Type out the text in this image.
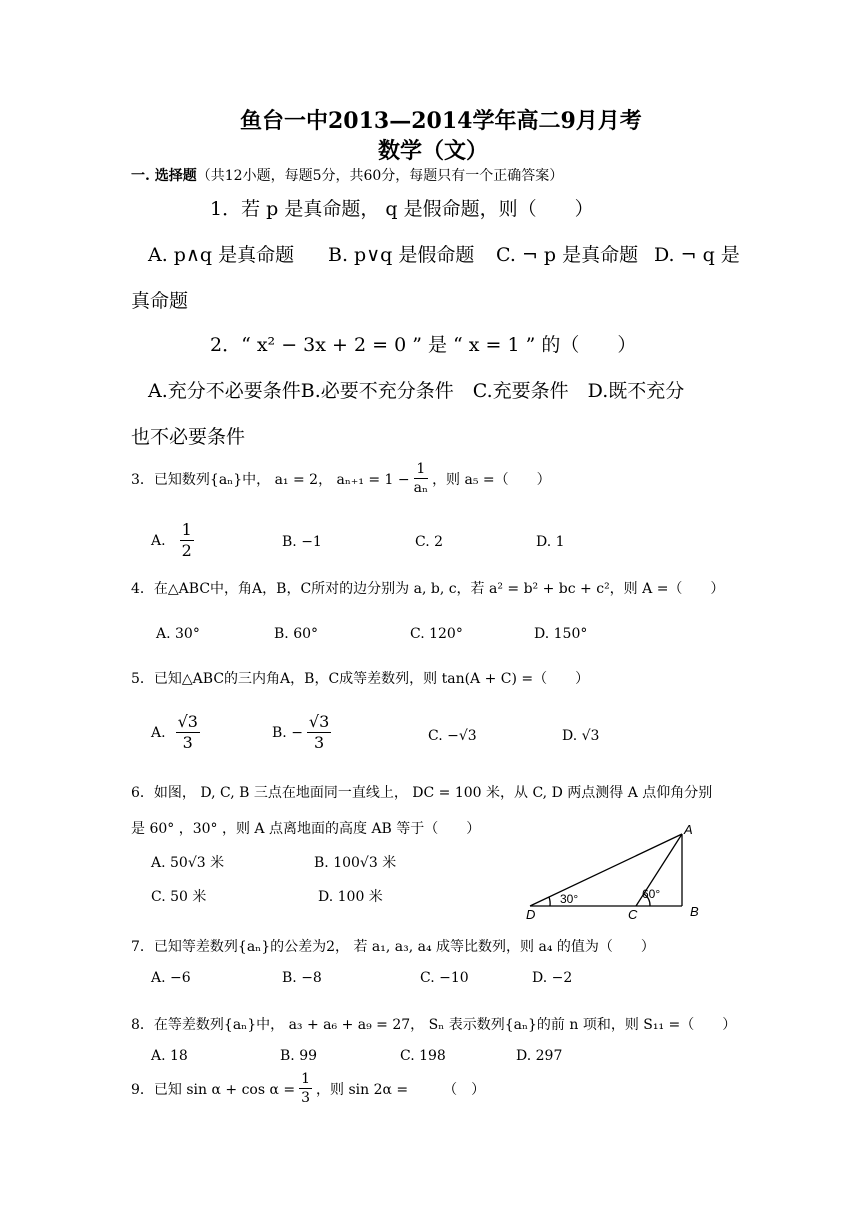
鱼台一中2013—2014学年高二9月月考
数学（文）
一. 选择题（共12小题，每题5分，共60分，每题只有一个正确答案）
1．若 p 是真命题， q 是假命题，则（　　）
A. p∧q 是真命题 B. p∨q 是假命题 C. ¬ p 是真命题 D. ¬ q 是
真命题
2．“ x² − 3x + 2 = 0 ” 是 “ x = 1 ” 的（　　）
A.充分不必要条件B.必要不充分条件　C.充要条件　D.既不充分
也不必要条件
3．已知数列{aₙ}中， a₁ = 2， $a_{n+1} = 1 - \frac{1}{\text{aₙ}}$ ，则 a₅ =（　　）
A. $\frac{1}{2}$	B. −1	C. 2	D. 1
4．在△ABC中，角A，B，C所对的边分别为 a, b, c，若 a² = b² + bc + c²，则 A =（　　）
A. 30°	B. 60°	C. 120°	D. 150°
5．已知△ABC的三内角A，B，C成等差数列，则 tan(A + C) =（　　）
A. $\frac{√3}{3}$	B. − $\frac{√3}{3}$	C. −√3	D. √3
6．如图， D, C, B 三点在地面同一直线上， DC = 100 米，从 C, D 两点测得 A 点仰角分别
是 60° ，30° ，则 A 点离地面的高度 AB 等于（　　）
A. 50√3 米	B. 100√3 米
C. 50 米	D. 100 米
A
B
C
D
30°	60°
7．已知等差数列{aₙ}的公差为2， 若 a₁, a₃, a₄ 成等比数列，则 a₄ 的值为（　　）
A. −6	B. −8	C. −10	D. −2
8．在等差数列{aₙ}中， a₃ + a₆ + a₉ = 27， Sₙ 表示数列{aₙ}的前 n 项和，则 S₁₁ =（　　）
A. 18	B. 99	C. 198	D. 297
9．已知 $\sin \alpha + \cos \alpha = \frac{1}{3}$ ，则 sin 2α =　　　（　）
